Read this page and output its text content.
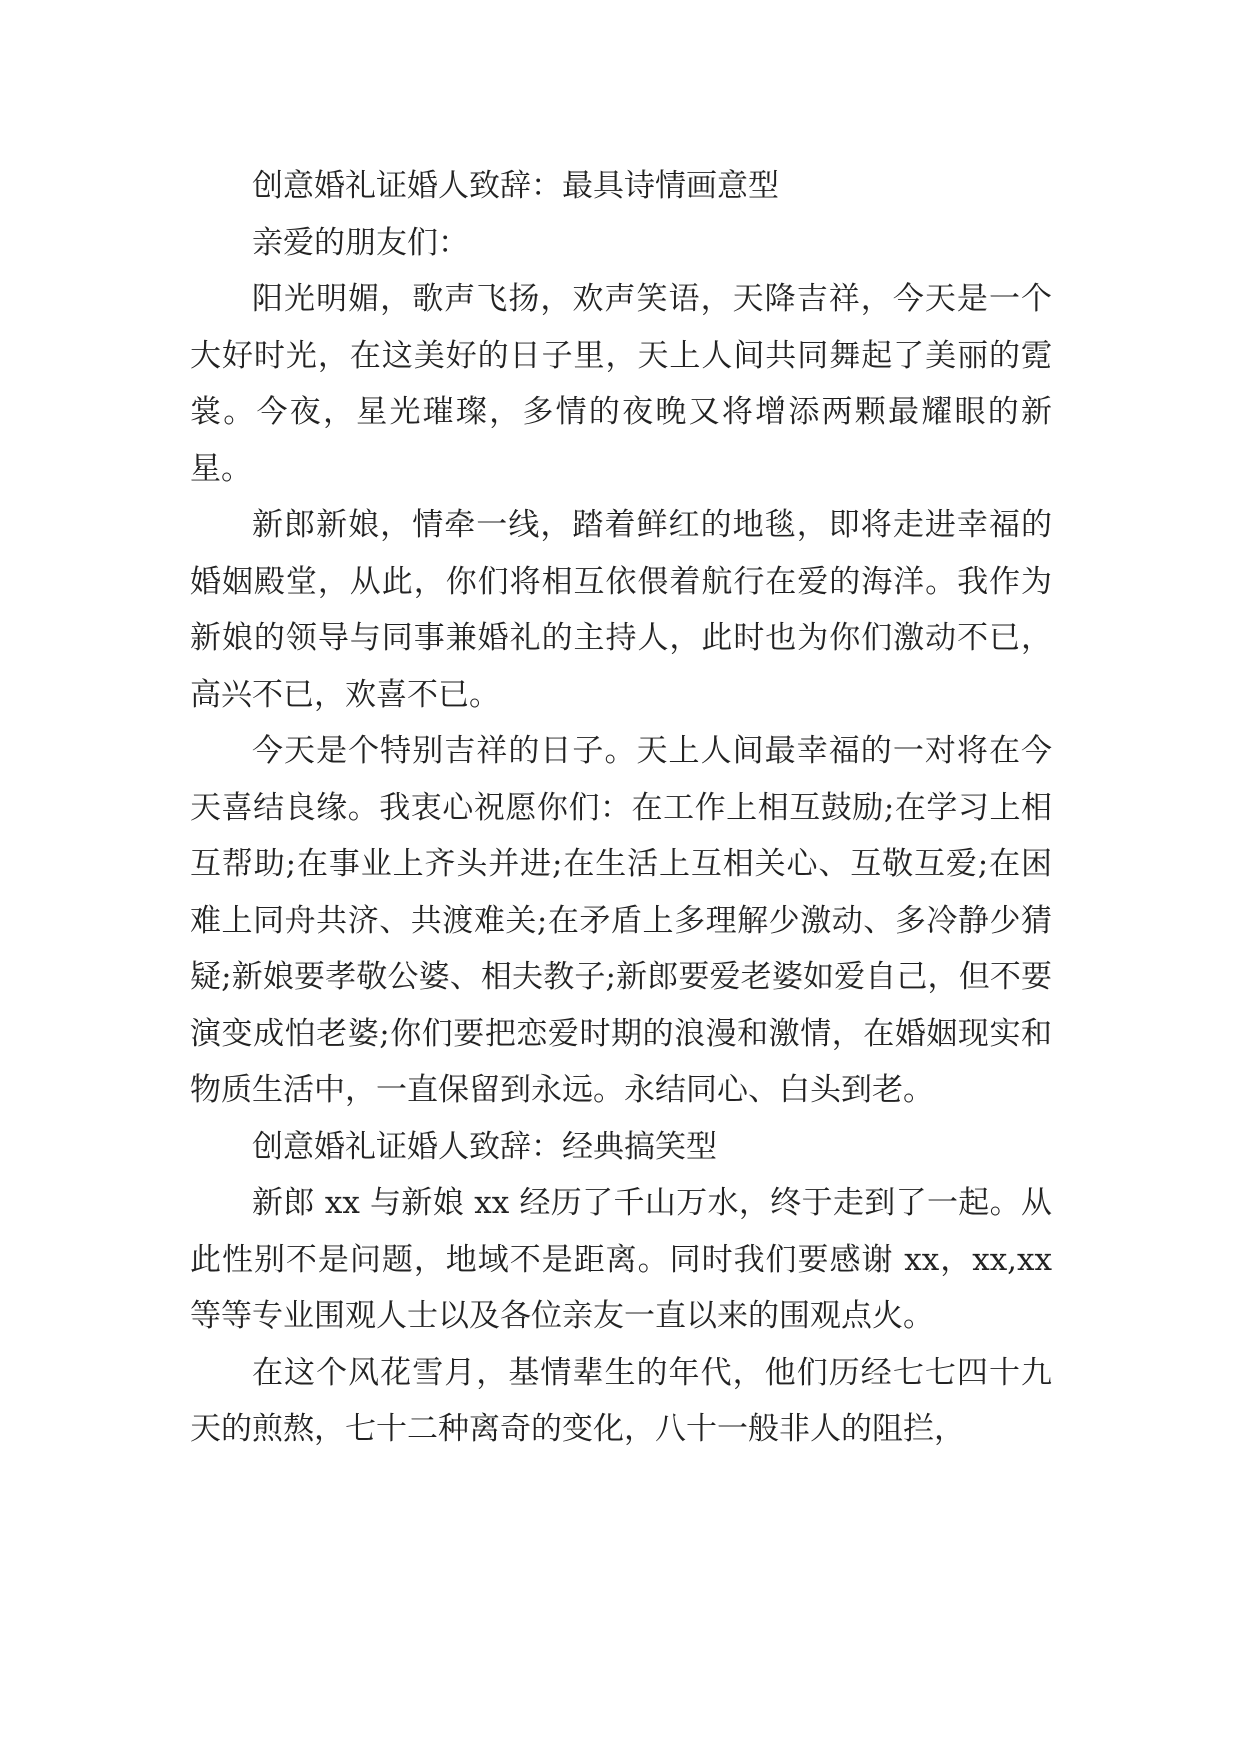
创意婚礼证婚人致辞：最具诗情画意型

亲爱的朋友们：

阳光明媚，歌声飞扬，欢声笑语，天降吉祥，今天是一个大好时光，在这美好的日子里，天上人间共同舞起了美丽的霓裳。今夜，星光璀璨，多情的夜晚又将增添两颗最耀眼的新星。

新郎新娘，情牵一线，踏着鲜红的地毯，即将走进幸福的婚姻殿堂，从此，你们将相互依偎着航行在爱的海洋。我作为新娘的领导与同事兼婚礼的主持人，此时也为你们激动不已，高兴不已，欢喜不已。

今天是个特别吉祥的日子。天上人间最幸福的一对将在今天喜结良缘。我衷心祝愿你们：在工作上相互鼓励;在学习上相互帮助;在事业上齐头并进;在生活上互相关心、互敬互爱;在困难上同舟共济、共渡难关;在矛盾上多理解少激动、多冷静少猜疑;新娘要孝敬公婆、相夫教子;新郎要爱老婆如爱自己，但不要演变成怕老婆;你们要把恋爱时期的浪漫和激情，在婚姻现实和物质生活中，一直保留到永远。永结同心、白头到老。

创意婚礼证婚人致辞：经典搞笑型

新郎 xx 与新娘 xx 经历了千山万水，终于走到了一起。从此性别不是问题，地域不是距离。同时我们要感谢 xx，xx,xx 等等专业围观人士以及各位亲友一直以来的围观点火。

在这个风花雪月，基情辈生的年代，他们历经七七四十九天的煎熬，七十二种离奇的变化，八十一般非人的阻拦，
